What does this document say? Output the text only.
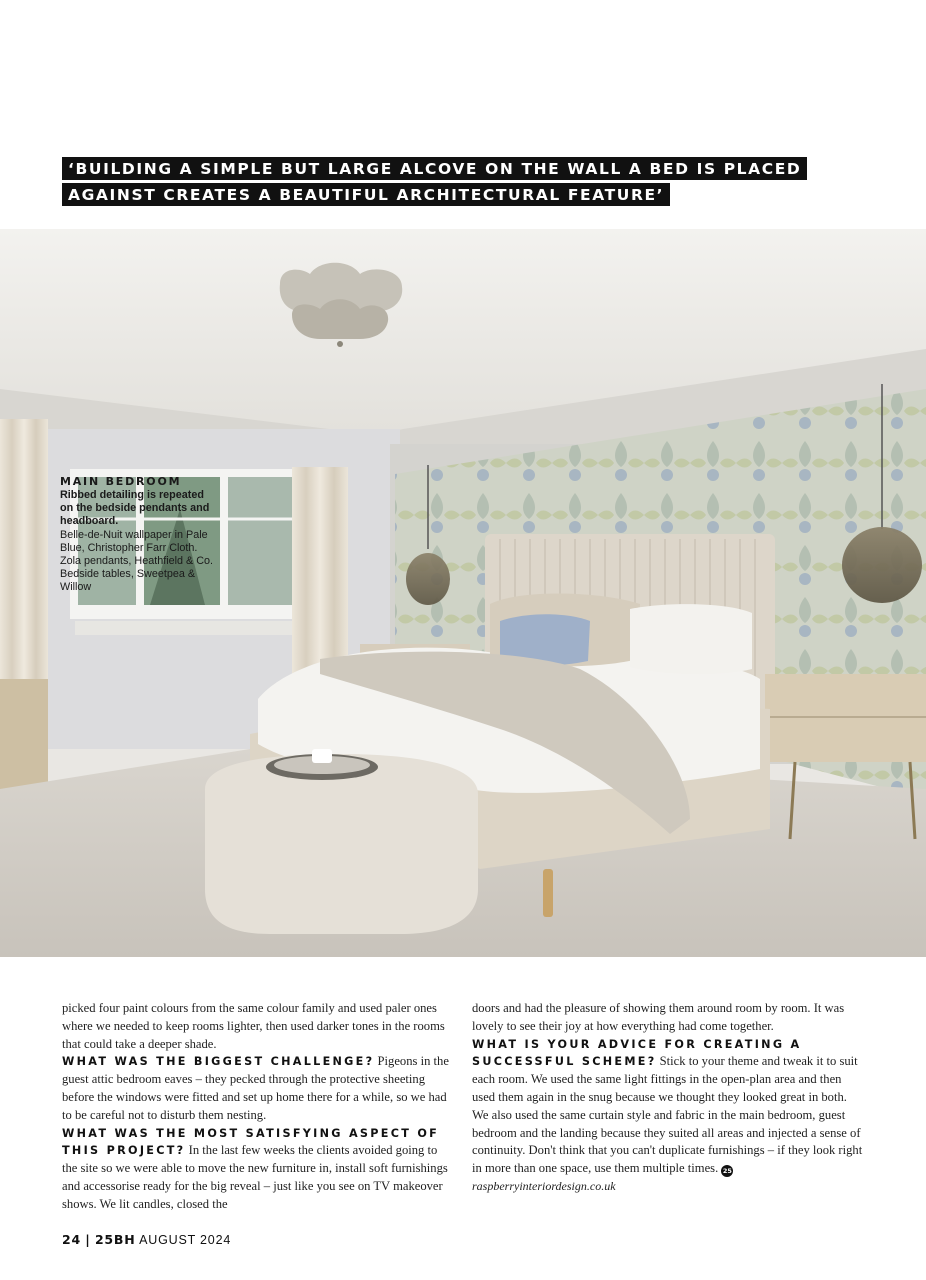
‘BUILDING A SIMPLE BUT LARGE ALCOVE ON THE WALL A BED IS PLACED
AGAINST CREATES A BEAUTIFUL ARCHITECTURAL FEATURE’
MAIN BEDROOM
Ribbed detailing is repeated on the bedside pendants and headboard.
Belle-de-Nuit wallpaper in Pale Blue, Christopher Farr Cloth. Zola pendants, Heathfield & Co. Bedside tables, Sweetpea & Willow
picked four paint colours from the same colour family and used paler ones where we needed to keep rooms lighter, then used darker tones in the rooms that could take a deeper shade.
WHAT WAS THE BIGGEST CHALLENGE? Pigeons in the guest attic bedroom eaves – they pecked through the protective sheeting before the windows were fitted and set up home there for a while, so we had to be careful not to disturb them nesting.
WHAT WAS THE MOST SATISFYING ASPECT OF THIS PROJECT? In the last few weeks the clients avoided going to the site so we were able to move the new furniture in, install soft furnishings and accessorise ready for the big reveal – just like you see on TV makeover shows. We lit candles, closed the
doors and had the pleasure of showing them around room by room. It was lovely to see their joy at how everything had come together.
WHAT IS YOUR ADVICE FOR CREATING A SUCCESSFUL SCHEME? Stick to your theme and tweak it to suit each room. We used the same light fittings in the open-plan area and then used them again in the snug because we thought they looked great in both. We also used the same curtain style and fabric in the main bedroom, guest bedroom and the landing because they suited all areas and injected a sense of continuity. Don't think that you can't duplicate furnishings – if they look right in more than one space, use them multiple times. 25
raspberryinteriordesign.co.uk
24 | 25BH AUGUST 2024
